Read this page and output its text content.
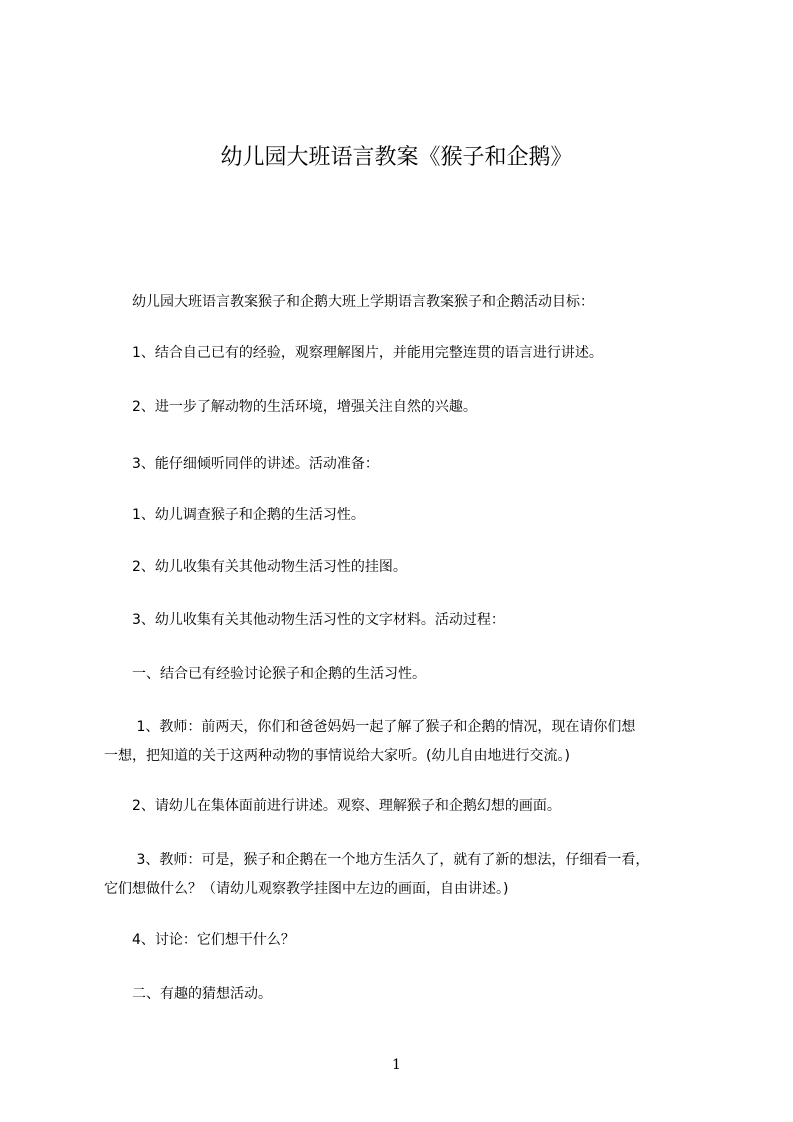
幼儿园大班语言教案《猴子和企鹅》
　　幼儿园大班语言教案猴子和企鹅大班上学期语言教案猴子和企鹅活动目标：
　　1、结合自己已有的经验，观察理解图片，并能用完整连贯的语言进行讲述。
　　2、进一步了解动物的生活环境，增强关注自然的兴趣。
　　3、能仔细倾听同伴的讲述。活动准备：
　　1、幼儿调查猴子和企鹅的生活习性。
　　2、幼儿收集有关其他动物生活习性的挂图。
　　3、幼儿收集有关其他动物生活习性的文字材料。活动过程：
　　一、结合已有经验讨论猴子和企鹅的生活习性。
　　 1、教师：前两天，你们和爸爸妈妈一起了解了猴子和企鹅的情况，现在请你们想
一想，把知道的关于这两种动物的事情说给大家听。(幼儿自由地进行交流。)
　　2、请幼儿在集体面前进行讲述。观察、理解猴子和企鹅幻想的画面。
　　 3、教师：可是，猴子和企鹅在一个地方生活久了，就有了新的想法，仔细看一看，
它们想做什么？（请幼儿观察教学挂图中左边的画面，自由讲述。)
　　4、讨论：它们想干什么？
　　二、有趣的猜想活动。
1
